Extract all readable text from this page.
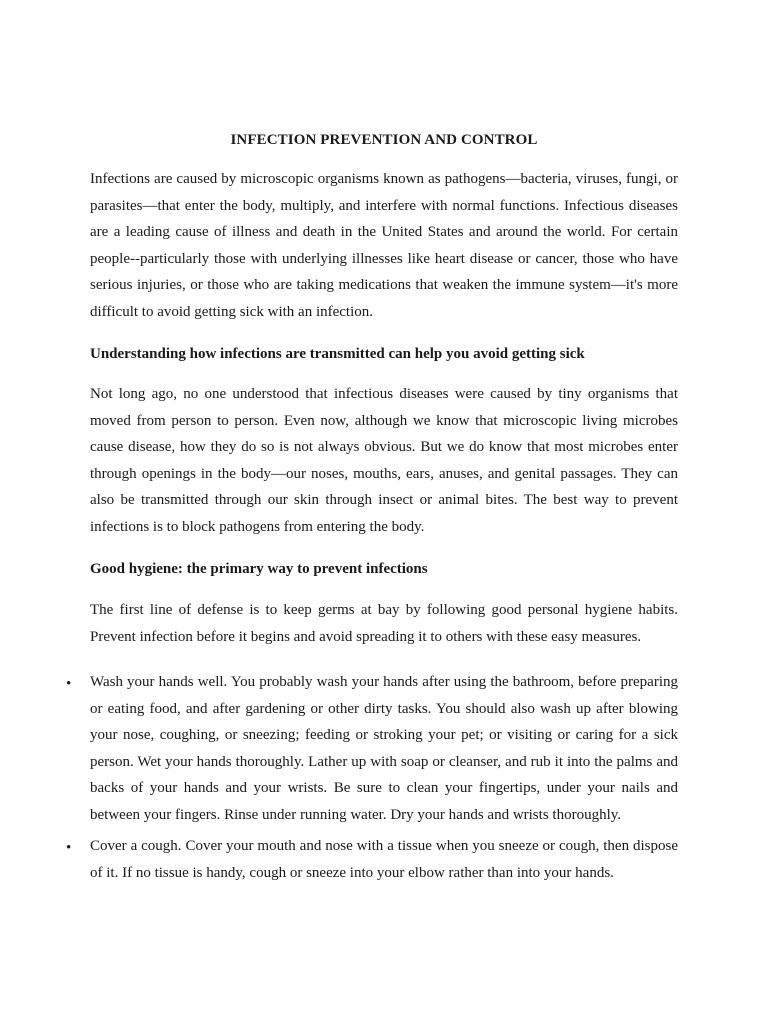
INFECTION PREVENTION AND CONTROL
Infections are caused by microscopic organisms known as pathogens—bacteria, viruses, fungi, or parasites—that enter the body, multiply, and interfere with normal functions. Infectious diseases are a leading cause of illness and death in the United States and around the world. For certain people--particularly those with underlying illnesses like heart disease or cancer, those who have serious injuries, or those who are taking medications that weaken the immune system—it's more difficult to avoid getting sick with an infection.
Understanding how infections are transmitted can help you avoid getting sick
Not long ago, no one understood that infectious diseases were caused by tiny organisms that moved from person to person. Even now, although we know that microscopic living microbes cause disease, how they do so is not always obvious. But we do know that most microbes enter through openings in the body—our noses, mouths, ears, anuses, and genital passages. They can also be transmitted through our skin through insect or animal bites. The best way to prevent infections is to block pathogens from entering the body.
Good hygiene: the primary way to prevent infections
The first line of defense is to keep germs at bay by following good personal hygiene habits. Prevent infection before it begins and avoid spreading it to others with these easy measures.
• Wash your hands well. You probably wash your hands after using the bathroom, before preparing or eating food, and after gardening or other dirty tasks. You should also wash up after blowing your nose, coughing, or sneezing; feeding or stroking your pet; or visiting or caring for a sick person. Wet your hands thoroughly. Lather up with soap or cleanser, and rub it into the palms and backs of your hands and your wrists. Be sure to clean your fingertips, under your nails and between your fingers. Rinse under running water. Dry your hands and wrists thoroughly.
• Cover a cough. Cover your mouth and nose with a tissue when you sneeze or cough, then dispose of it. If no tissue is handy, cough or sneeze into your elbow rather than into your hands.
